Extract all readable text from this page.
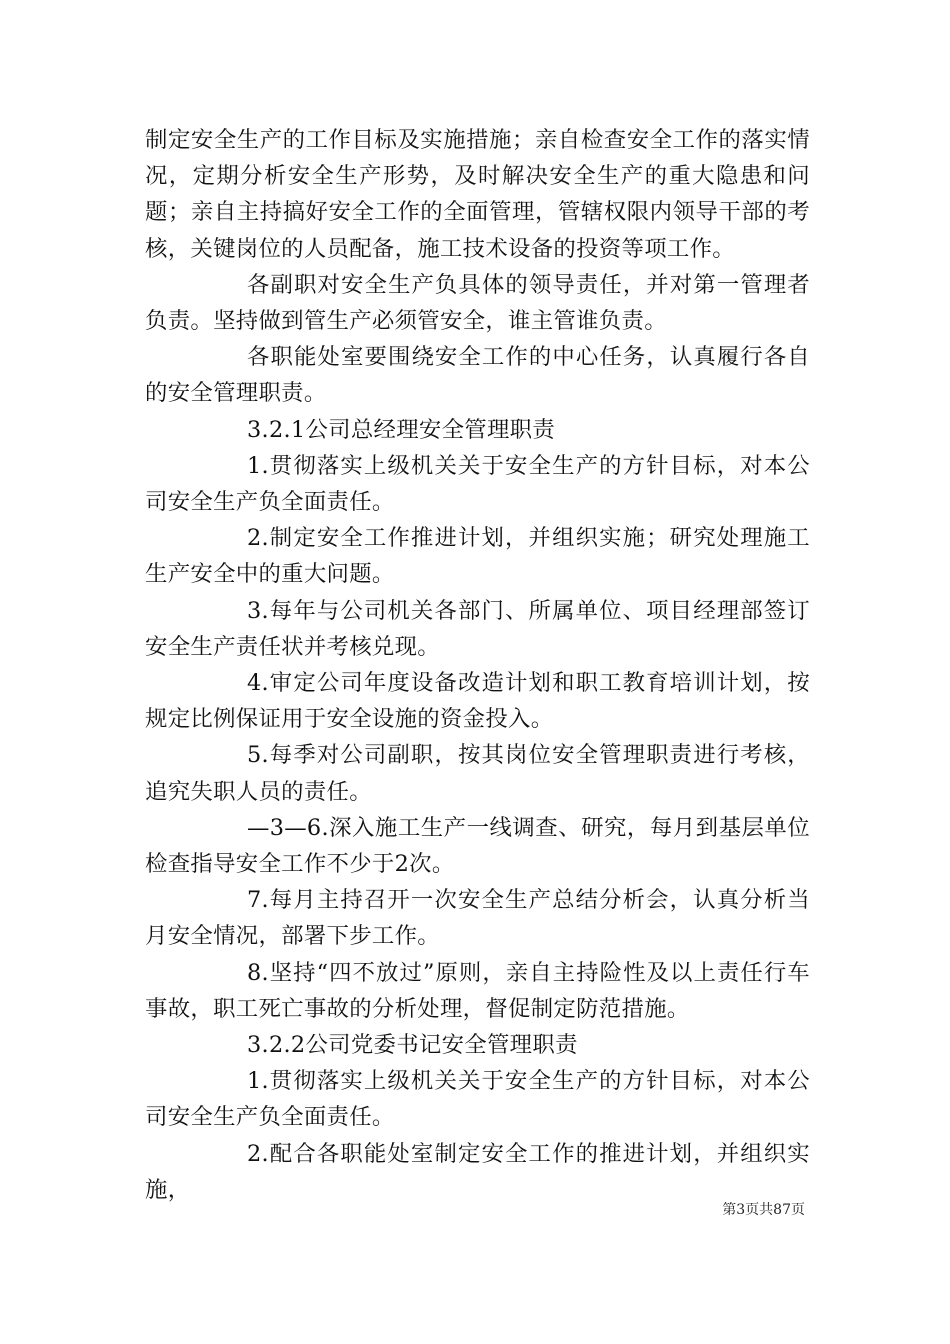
制定安全生产的工作目标及实施措施；亲自检查安全工作的落实情况，定期分析安全生产形势，及时解决安全生产的重大隐患和问题；亲自主持搞好安全工作的全面管理，管辖权限内领导干部的考核，关键岗位的人员配备，施工技术设备的投资等项工作。

各副职对安全生产负具体的领导责任，并对第一管理者负责。坚持做到管生产必须管安全，谁主管谁负责。

各职能处室要围绕安全工作的中心任务，认真履行各自的安全管理职责。

3.2.1公司总经理安全管理职责

1.贯彻落实上级机关关于安全生产的方针目标，对本公司安全生产负全面责任。

2.制定安全工作推进计划，并组织实施；研究处理施工生产安全中的重大问题。

3.每年与公司机关各部门、所属单位、项目经理部签订安全生产责任状并考核兑现。

4.审定公司年度设备改造计划和职工教育培训计划，按规定比例保证用于安全设施的资金投入。

5.每季对公司副职，按其岗位安全管理职责进行考核，追究失职人员的责任。

—3—6.深入施工生产一线调查、研究，每月到基层单位检查指导安全工作不少于2次。

7.每月主持召开一次安全生产总结分析会，认真分析当月安全情况，部署下步工作。

8.坚持“四不放过”原则，亲自主持险性及以上责任行车事故，职工死亡事故的分析处理，督促制定防范措施。

3.2.2公司党委书记安全管理职责

1.贯彻落实上级机关关于安全生产的方针目标，对本公司安全生产负全面责任。

2.配合各职能处室制定安全工作的推进计划，并组织实施，

第3页共87页
